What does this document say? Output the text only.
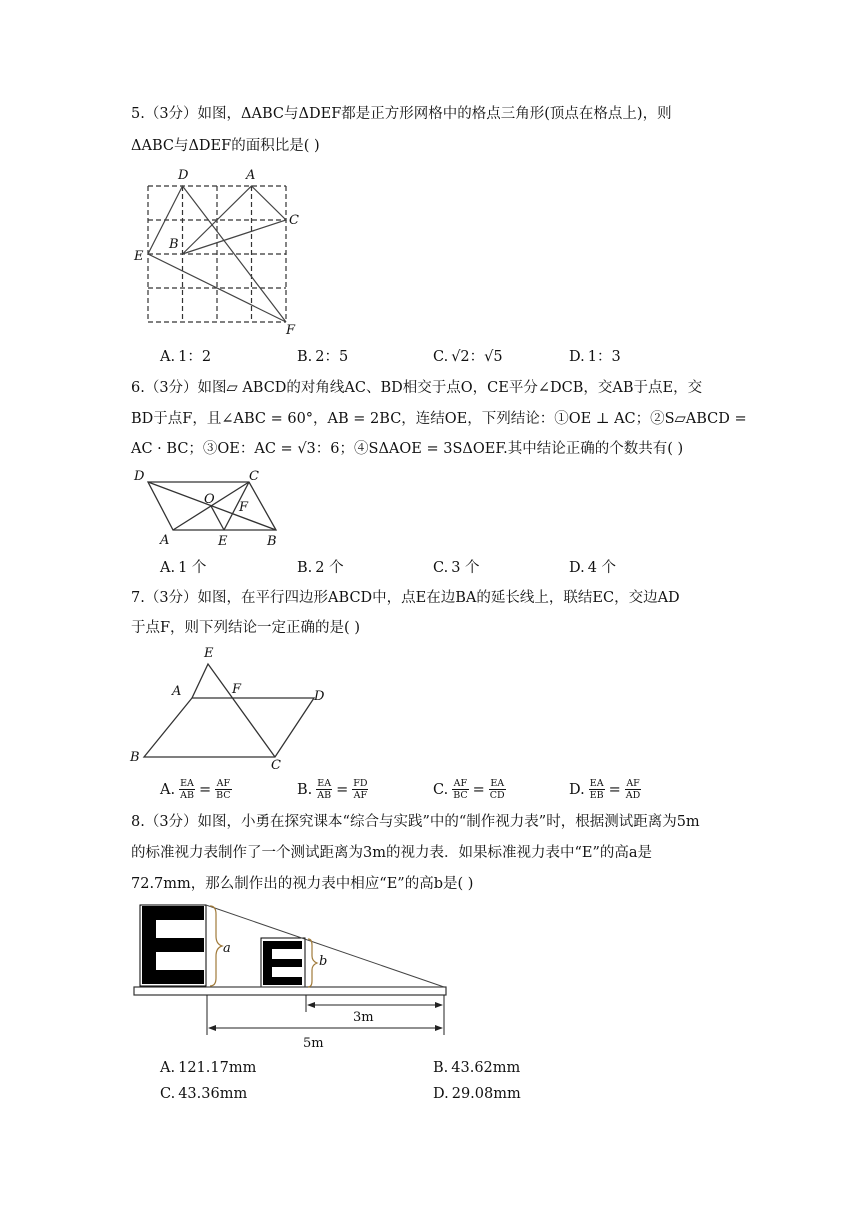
5.（3分）如图，ΔABC与ΔDEF都是正方形网格中的格点三角形(顶点在格点上)，则
ΔABC与ΔDEF的面积比是( )
D	A
C
B
E
F
A. 1：2	B. 2：5	C. √2：√5	D. 1：3
6.（3分）如图▱ ABCD的对角线AC、BD相交于点O，CE平分∠DCB，交AB于点E，交
BD于点F，且∠ABC = 60°，AB = 2BC，连结OE，下列结论：①OE ⊥ AC；②S▱ABCD =
AC · BC；③OE：AC = √3：6；④SΔAOE = 3SΔOEF.其中结论正确的个数共有( )
D	C
O
F
A	E	B
A. 1 个	B. 2 个	C. 3 个	D. 4 个
7.（3分）如图，在平行四边形ABCD中，点E在边BA的延长线上，联结EC，交边AD
于点F，则下列结论一定正确的是( )
E
A	F	D
B
C
A. $\frac{EA}{AB} = \frac{AF}{BC}$	B. $\frac{EA}{AB} = \frac{FD}{AF}$	C. $\frac{AF}{BC} = \frac{EA}{CD}$	D. $\frac{EA}{EB} = \frac{AF}{AD}$
8.（3分）如图，小勇在探究课本“综合与实践”中的“制作视力表”时，根据测试距离为5m
的标准视力表制作了一个测试距离为3m的视力表．如果标准视力表中“E”的高a是
72.7mm，那么制作出的视力表中相应“E”的高b是( )
a
b
3m
5m
A. 121.17mm	B. 43.62mm
C. 43.36mm	D. 29.08mm
